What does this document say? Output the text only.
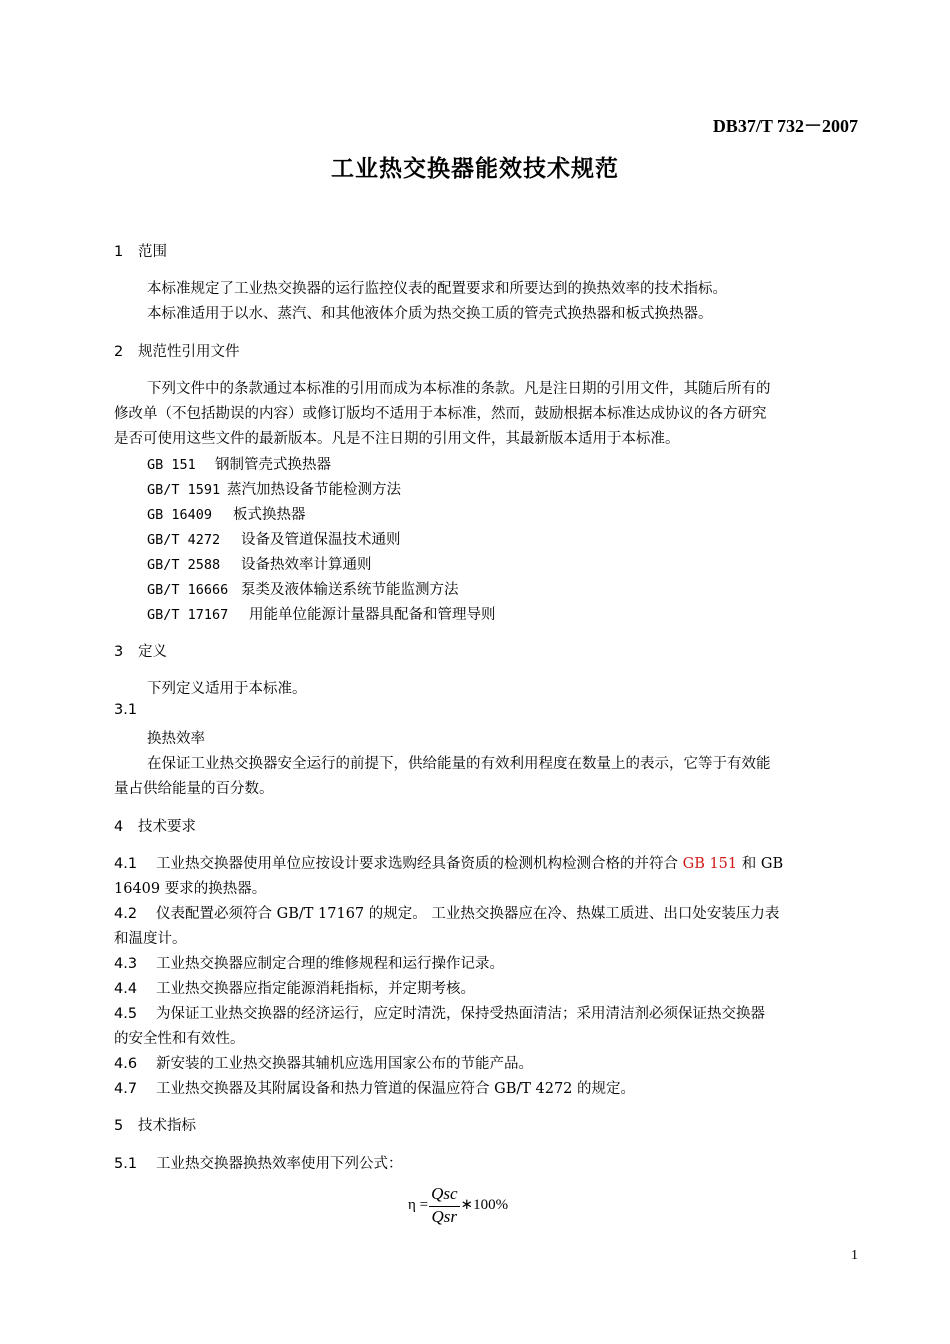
DB37/T 732－2007
工业热交换器能效技术规范
1 范围
本标准规定了工业热交换器的运行监控仪表的配置要求和所要达到的换热效率的技术指标。
本标准适用于以水、蒸汽、和其他液体介质为热交换工质的管壳式换热器和板式换热器。
2 规范性引用文件
下列文件中的条款通过本标准的引用而成为本标准的条款。凡是注日期的引用文件，其随后所有的
修改单（不包括勘误的内容）或修订版均不适用于本标准，然而，鼓励根据本标准达成协议的各方研究
是否可使用这些文件的最新版本。凡是不注日期的引用文件，其最新版本适用于本标准。
GB 151 钢制管壳式换热器
GB/T 1591 蒸汽加热设备节能检测方法
GB 16409 板式换热器
GB/T 4272 设备及管道保温技术通则
GB/T 2588 设备热效率计算通则
GB/T 16666 泵类及液体输送系统节能监测方法
GB/T 17167 用能单位能源计量器具配备和管理导则
3 定义
下列定义适用于本标准。
3.1
换热效率
在保证工业热交换器安全运行的前提下，供给能量的有效利用程度在数量上的表示，它等于有效能
量占供给能量的百分数。
4 技术要求
4.1 工业热交换器使用单位应按设计要求选购经具备资质的检测机构检测合格的并符合 GB 151 和 GB
16409 要求的换热器。
4.2 仪表配置必须符合 GB/T 17167 的规定。 工业热交换器应在冷、热媒工质进、出口处安装压力表
和温度计。
4.3 工业热交换器应制定合理的维修规程和运行操作记录。
4.4 工业热交换器应指定能源消耗指标，并定期考核。
4.5 为保证工业热交换器的经济运行，应定时清洗，保持受热面清洁；采用清洁剂必须保证热交换器
的安全性和有效性。
4.6 新安装的工业热交换器其辅机应选用国家公布的节能产品。
4.7 工业热交换器及其附属设备和热力管道的保温应符合 GB/T 4272 的规定。
5 技术指标
5.1 工业热交换器换热效率使用下列公式：
$\eta = \frac{\text{Qsc}}{\text{Qsr}}$ ∗100%
1
